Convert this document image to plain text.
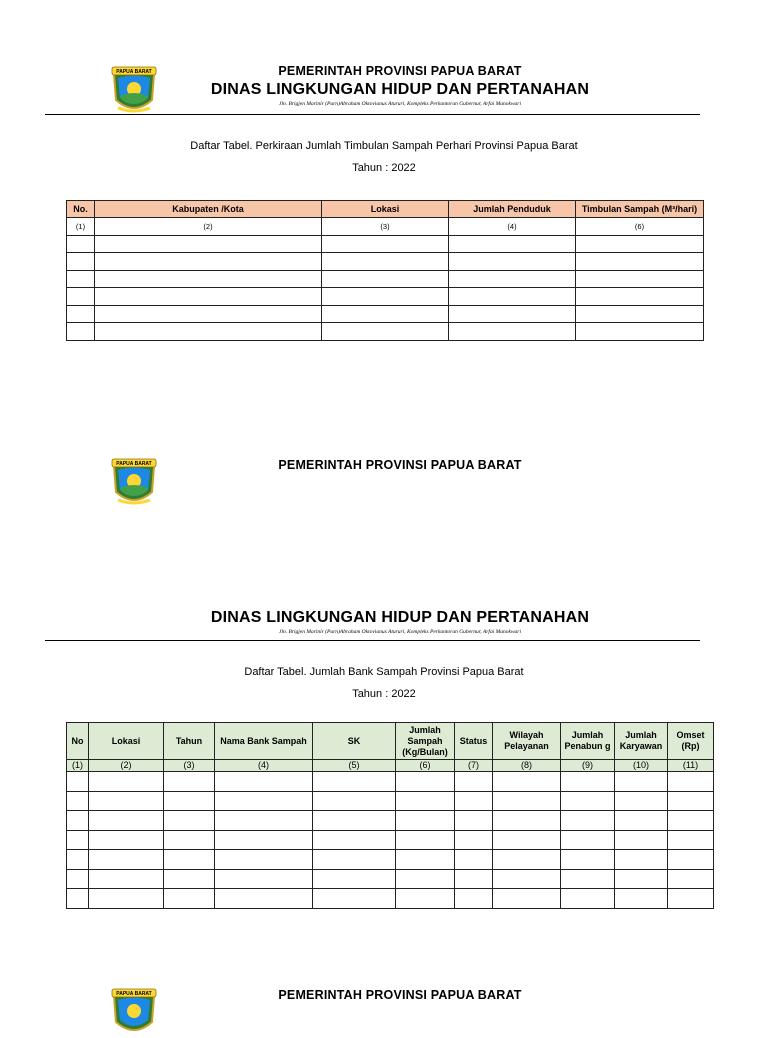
PAPUA BARAT	PEMERINTAH PROVINSI PAPUA BARAT
DINAS LINGKUNGAN HIDUP DAN PERTANAHAN
Jln. Brigjen Marinir (Purn)Abraham Oktovianus Atururi, Kompleks Perkantoran Gubernur, Arfai Manokwari
Daftar Tabel. Perkiraan Jumlah Timbulan Sampah Perhari Provinsi Papua Barat
Tahun : 2022
No.	Kabupaten /Kota	Lokasi	Jumlah Penduduk	Timbulan Sampah (M³/hari)
(1)	(2)	(3)	(4)	(6)

PAPUA BARAT	PEMERINTAH PROVINSI PAPUA BARAT
DINAS LINGKUNGAN HIDUP DAN PERTANAHAN
Jln. Brigjen Marinir (Purn)Abraham Oktovianus Atururi, Kompleks Perkantoran Gubernur, Arfai Manokwari
Daftar Tabel. Jumlah Bank Sampah Provinsi Papua Barat
Tahun : 2022
No	Lokasi	Tahun	Nama Bank Sampah	SK	Jumlah Sampah (Kg/Bulan)	Status	Wilayah Pelayanan	Jumlah Penabun g	Jumlah Karyawan	Omset (Rp)
(1)	(2)	(3)	(4)	(5)	(6)	(7)	(8)	(9)	(10)	(11)

PAPUA BARAT	PEMERINTAH PROVINSI PAPUA BARAT
